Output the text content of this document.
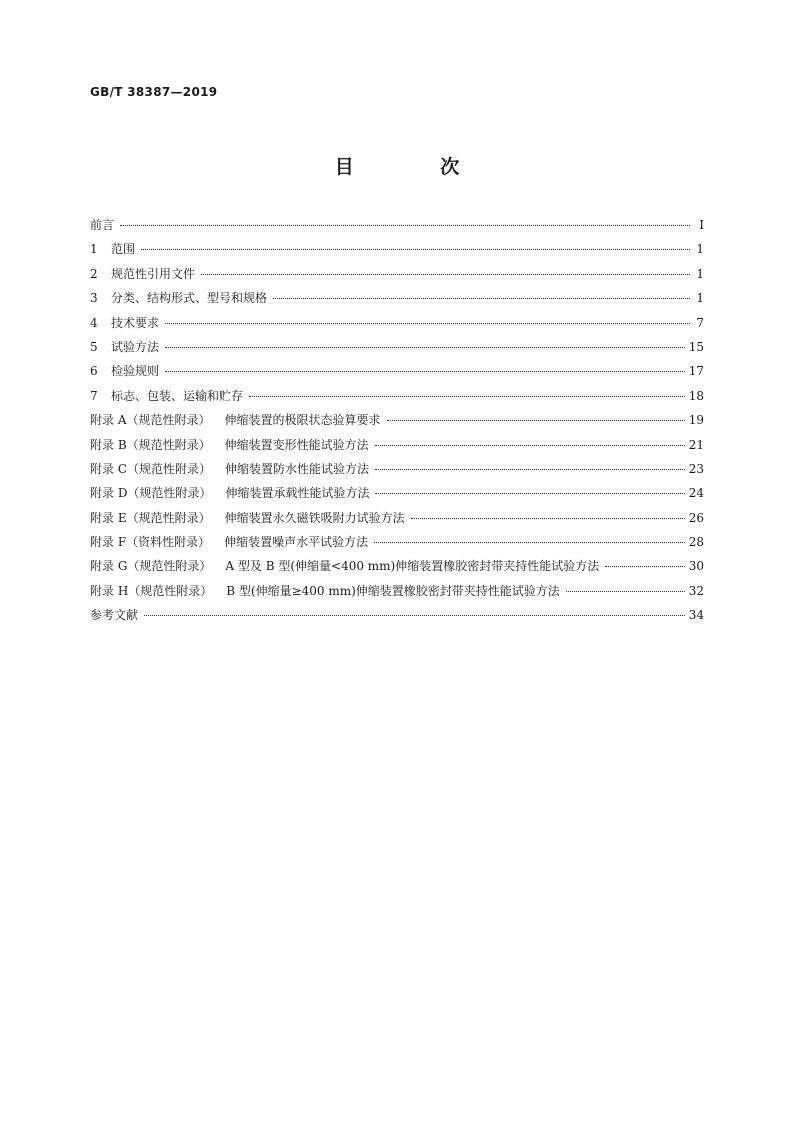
GB/T 38387—2019
目 次
前言	Ⅰ
1	范围	1
2	规范性引用文件	1
3	分类、结构形式、型号和规格	1
4	技术要求	7
5	试验方法	15
6	检验规则	17
7	标志、包装、运输和贮存	18
附录 A（规范性附录） 伸缩装置的极限状态验算要求	19
附录 B（规范性附录） 伸缩装置变形性能试验方法	21
附录 C（规范性附录） 伸缩装置防水性能试验方法	23
附录 D（规范性附录） 伸缩装置承载性能试验方法	24
附录 E（规范性附录） 伸缩装置永久磁铁吸附力试验方法	26
附录 F（资料性附录） 伸缩装置噪声水平试验方法	28
附录 G（规范性附录） A 型及 B 型(伸缩量<400 mm)伸缩装置橡胶密封带夹持性能试验方法	30
附录 H（规范性附录） B 型(伸缩量≥400 mm)伸缩装置橡胶密封带夹持性能试验方法	32
参考文献	34
